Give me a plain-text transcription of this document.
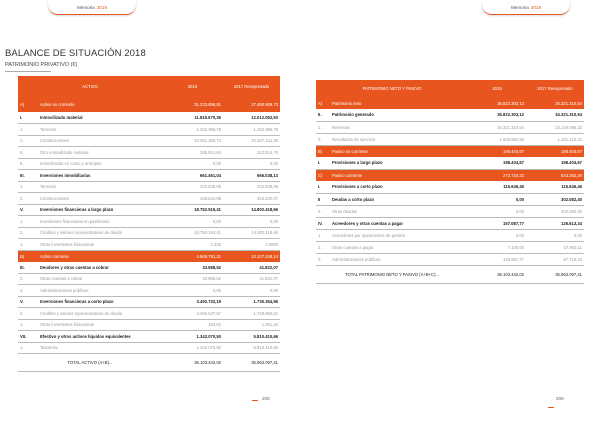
Memoria 2018	Memoria 2018
BALANCE DE SITUACIÓN 2018
PATRIMONIO PRIVATIVO (€)
ACTIVO		2018	2017 Reexpresado
A)	Activo no corriente	31.233.658,81	27.480.509,73
I.	Inmovilizado material	11.819.670,36	12.012.052,93
1.	Terrenos	1.252.396,79	1.252.396,79
2.	Construcciones	10.281.358,73	10.437.141,35
5.	Otro inmovilizado material	285.914,84	322.514,79
6.	Inmovilizado en curso y anticipos	0,00	0,00
III.	Inversiones inmobiliarias	661.461,04	666.038,13
1.	Terrenos	222.838,06	222.838,06
2.	Construcciones	438.622,98	443.200,07
V.	Inversiones financieras a largo plazo	18.752.519,41	14.802.418,66
1.	Inversiones financieras en patrimonio	0,00	0,00
2.	Créditos y valores representativos de deuda	18.750.194,41	14.800.118,66
4.	Otras inversiones financieras	2.325	2.3000
B)	Activo corriente	4.869.791,21	13.107.248,14
III.	Deudores y otras cuentas a cobrar	33.988,52	41.822,07
2.	Otras cuentas a cobrar	33.988,52	41.822,07
3.	Administraciones públicas	0,00	0,00
V.	Inversiones financieras a corto plazo	3.492.732,19	1.730.354,96
2.	Créditos y valores representativos de deuda	3.492.547,57	1.728.993,62
4.	Otras inversiones financieras	184,62	1.361,34
VII.	Efectivo y otros activos líquidos equivalentes	1.342.070,50	5.810.410,66
1.	Tesorería	1.342.070,50	5.810.410,66
TOTAL ACTIVO (A+B)...		36.103.442,02	35.063.097,41
PATRIMONIO NETO Y PASIVO		2018	2017 Reexpresado
A)	Patrimonio neto	35.822.303,12	34.321.310,54
II.	Patrimonio generado	35.822.303,12	34.321.310,54
1.	Reservas	34.321.310,54	33.140.095,32
3.	Resultados de ejercicio	1.500.992,58	1.181.215,22
B)	Pasivo no corriente	198.404,67	198.404,67
I.	Provisiones a largo plazo	198.404,67	198.404,67
C)	Pasivo corriente	272.734,23	543.382,20
I.	Provisiones a corto plazo	115.646,46	115.646,46
II	Deudas a corto plazo	0,00	302.082,40
4.	Otras deudas	0,00	302.082,40
IV.	Acreedores y otras cuentas a pagar	157.087,77	125.613,34
1.	Acreedores por operaciones de gestión	0,00	0,00
2.	Otras cuentas a pagar	7.100,00	57.903,11
3.	Administraciones públicas	149.987,77	67.710,23
TOTAL PATRIMONIO NETO Y PASIVO (A+B+C)...		36.103.442,02	35.063.097,41
208	209
